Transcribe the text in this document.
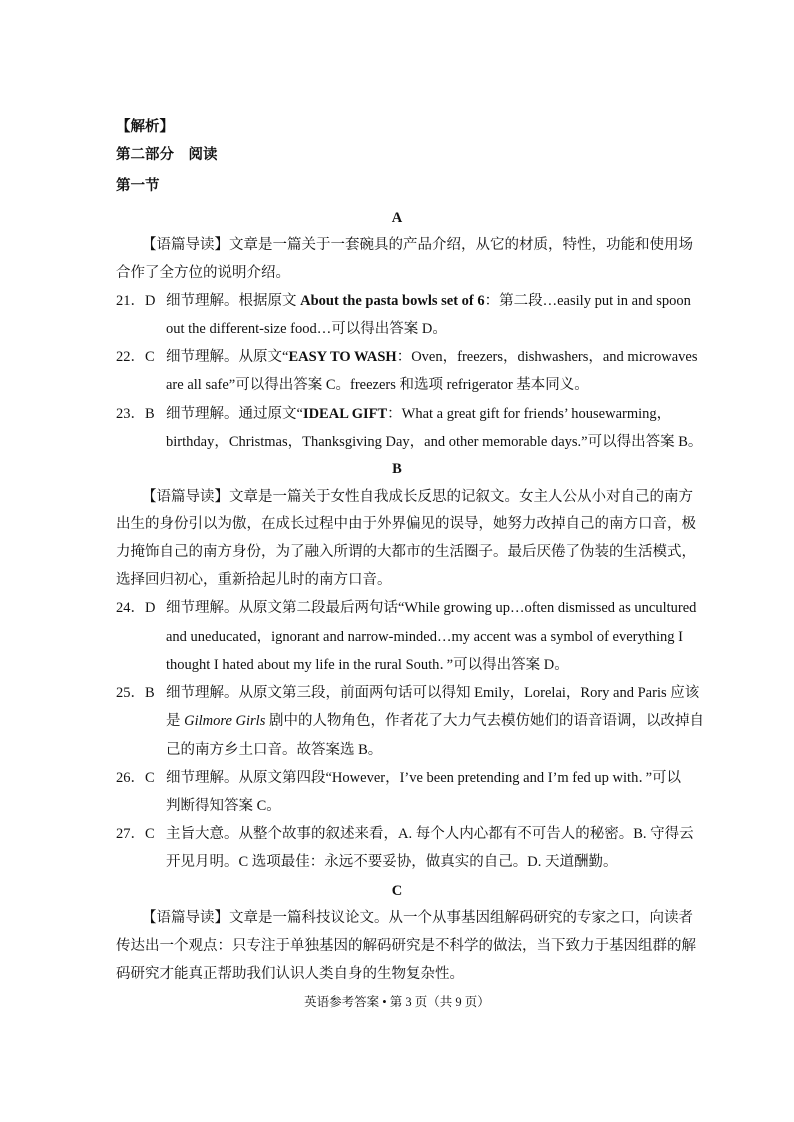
【解析】
第二部分　阅读
第一节
A
【语篇导读】文章是一篇关于一套碗具的产品介绍，从它的材质，特性，功能和使用场
合作了全方位的说明介绍。
21．D 细节理解。根据原文 About the pasta bowls set of 6：第二段…easily put in and spoon
out the different-size food…可以得出答案 D。
22．C 细节理解。从原文“EASY TO WASH：Oven，freezers，dishwashers，and microwaves
are all safe”可以得出答案 C。freezers 和选项 refrigerator 基本同义。
23．B 细节理解。通过原文“IDEAL GIFT：What a great gift for friends’ housewarming，
birthday，Christmas，Thanksgiving Day，and other memorable days.”可以得出答案 B。
B
【语篇导读】文章是一篇关于女性自我成长反思的记叙文。女主人公从小对自己的南方
出生的身份引以为傲，在成长过程中由于外界偏见的误导，她努力改掉自己的南方口音，极
力掩饰自己的南方身份，为了融入所谓的大都市的生活圈子。最后厌倦了伪装的生活模式，
选择回归初心，重新拾起儿时的南方口音。
24．D 细节理解。从原文第二段最后两句话“While growing up…often dismissed as uncultured
and uneducated，ignorant and narrow-minded…my accent was a symbol of everything I
thought I hated about my life in the rural South．”可以得出答案 D。
25．B 细节理解。从原文第三段，前面两句话可以得知 Emily，Lorelai，Rory and Paris 应该
是 Gilmore Girls 剧中的人物角色，作者花了大力气去模仿她们的语音语调，以改掉自
己的南方乡土口音。故答案选 B。
26．C 细节理解。从原文第四段“However，I’ve been pretending and I’m fed up with．”可以
判断得知答案 C。
27．C 主旨大意。从整个故事的叙述来看，A. 每个人内心都有不可告人的秘密。B. 守得云
开见月明。C 选项最佳：永远不要妥协，做真实的自己。D. 天道酬勤。
C
【语篇导读】文章是一篇科技议论文。从一个从事基因组解码研究的专家之口，向读者
传达出一个观点：只专注于单独基因的解码研究是不科学的做法，当下致力于基因组群的解
码研究才能真正帮助我们认识人类自身的生物复杂性。
英语参考答案 • 第 3 页（共 9 页）
